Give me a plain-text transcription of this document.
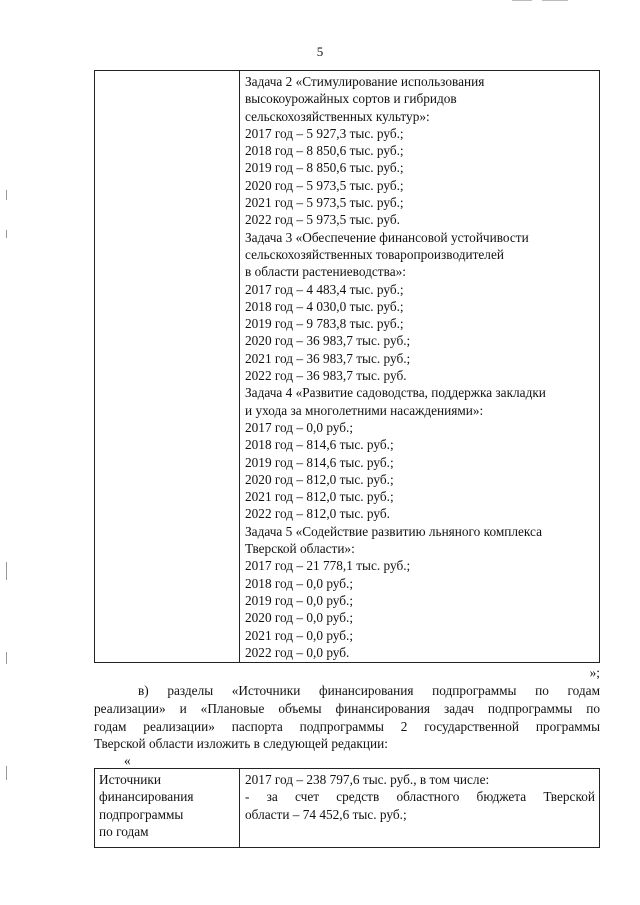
5
Задача 2 «Стимулирование использования
высокоурожайных сортов и гибридов
сельскохозяйственных культур»:
2017 год – 5 927,3 тыс. руб.;
2018 год – 8 850,6 тыс. руб.;
2019 год – 8 850,6 тыс. руб.;
2020 год – 5 973,5 тыс. руб.;
2021 год – 5 973,5 тыс. руб.;
2022 год – 5 973,5 тыс. руб.
Задача 3 «Обеспечение финансовой устойчивости
сельскохозяйственных товаропроизводителей
в области растениеводства»:
2017 год – 4 483,4 тыс. руб.;
2018 год – 4 030,0 тыс. руб.;
2019 год – 9 783,8 тыс. руб.;
2020 год – 36 983,7 тыс. руб.;
2021 год – 36 983,7 тыс. руб.;
2022 год – 36 983,7 тыс. руб.
Задача 4 «Развитие садоводства, поддержка закладки
и ухода за многолетними насаждениями»:
2017 год – 0,0 руб.;
2018 год – 814,6 тыс. руб.;
2019 год – 814,6 тыс. руб.;
2020 год – 812,0 тыс. руб.;
2021 год – 812,0 тыс. руб.;
2022 год – 812,0 тыс. руб.
Задача 5 «Содействие развитию льняного комплекса
Тверской области»:
2017 год – 21 778,1 тыс. руб.;
2018 год – 0,0 руб.;
2019 год – 0,0 руб.;
2020 год – 0,0 руб.;
2021 год – 0,0 руб.;
2022 год – 0,0 руб.
»;
в) разделы «Источники финансирования подпрограммы по годам
реализации» и «Плановые объемы финансирования задач подпрограммы по
годам реализации» паспорта подпрограммы 2 государственной программы
Тверской области изложить в следующей редакции:
«
Источники
финансирования
подпрограммы
по годам
2017 год – 238 797,6 тыс. руб., в том числе:
- за счет средств областного бюджета Тверской
области – 74 452,6 тыс. руб.;
